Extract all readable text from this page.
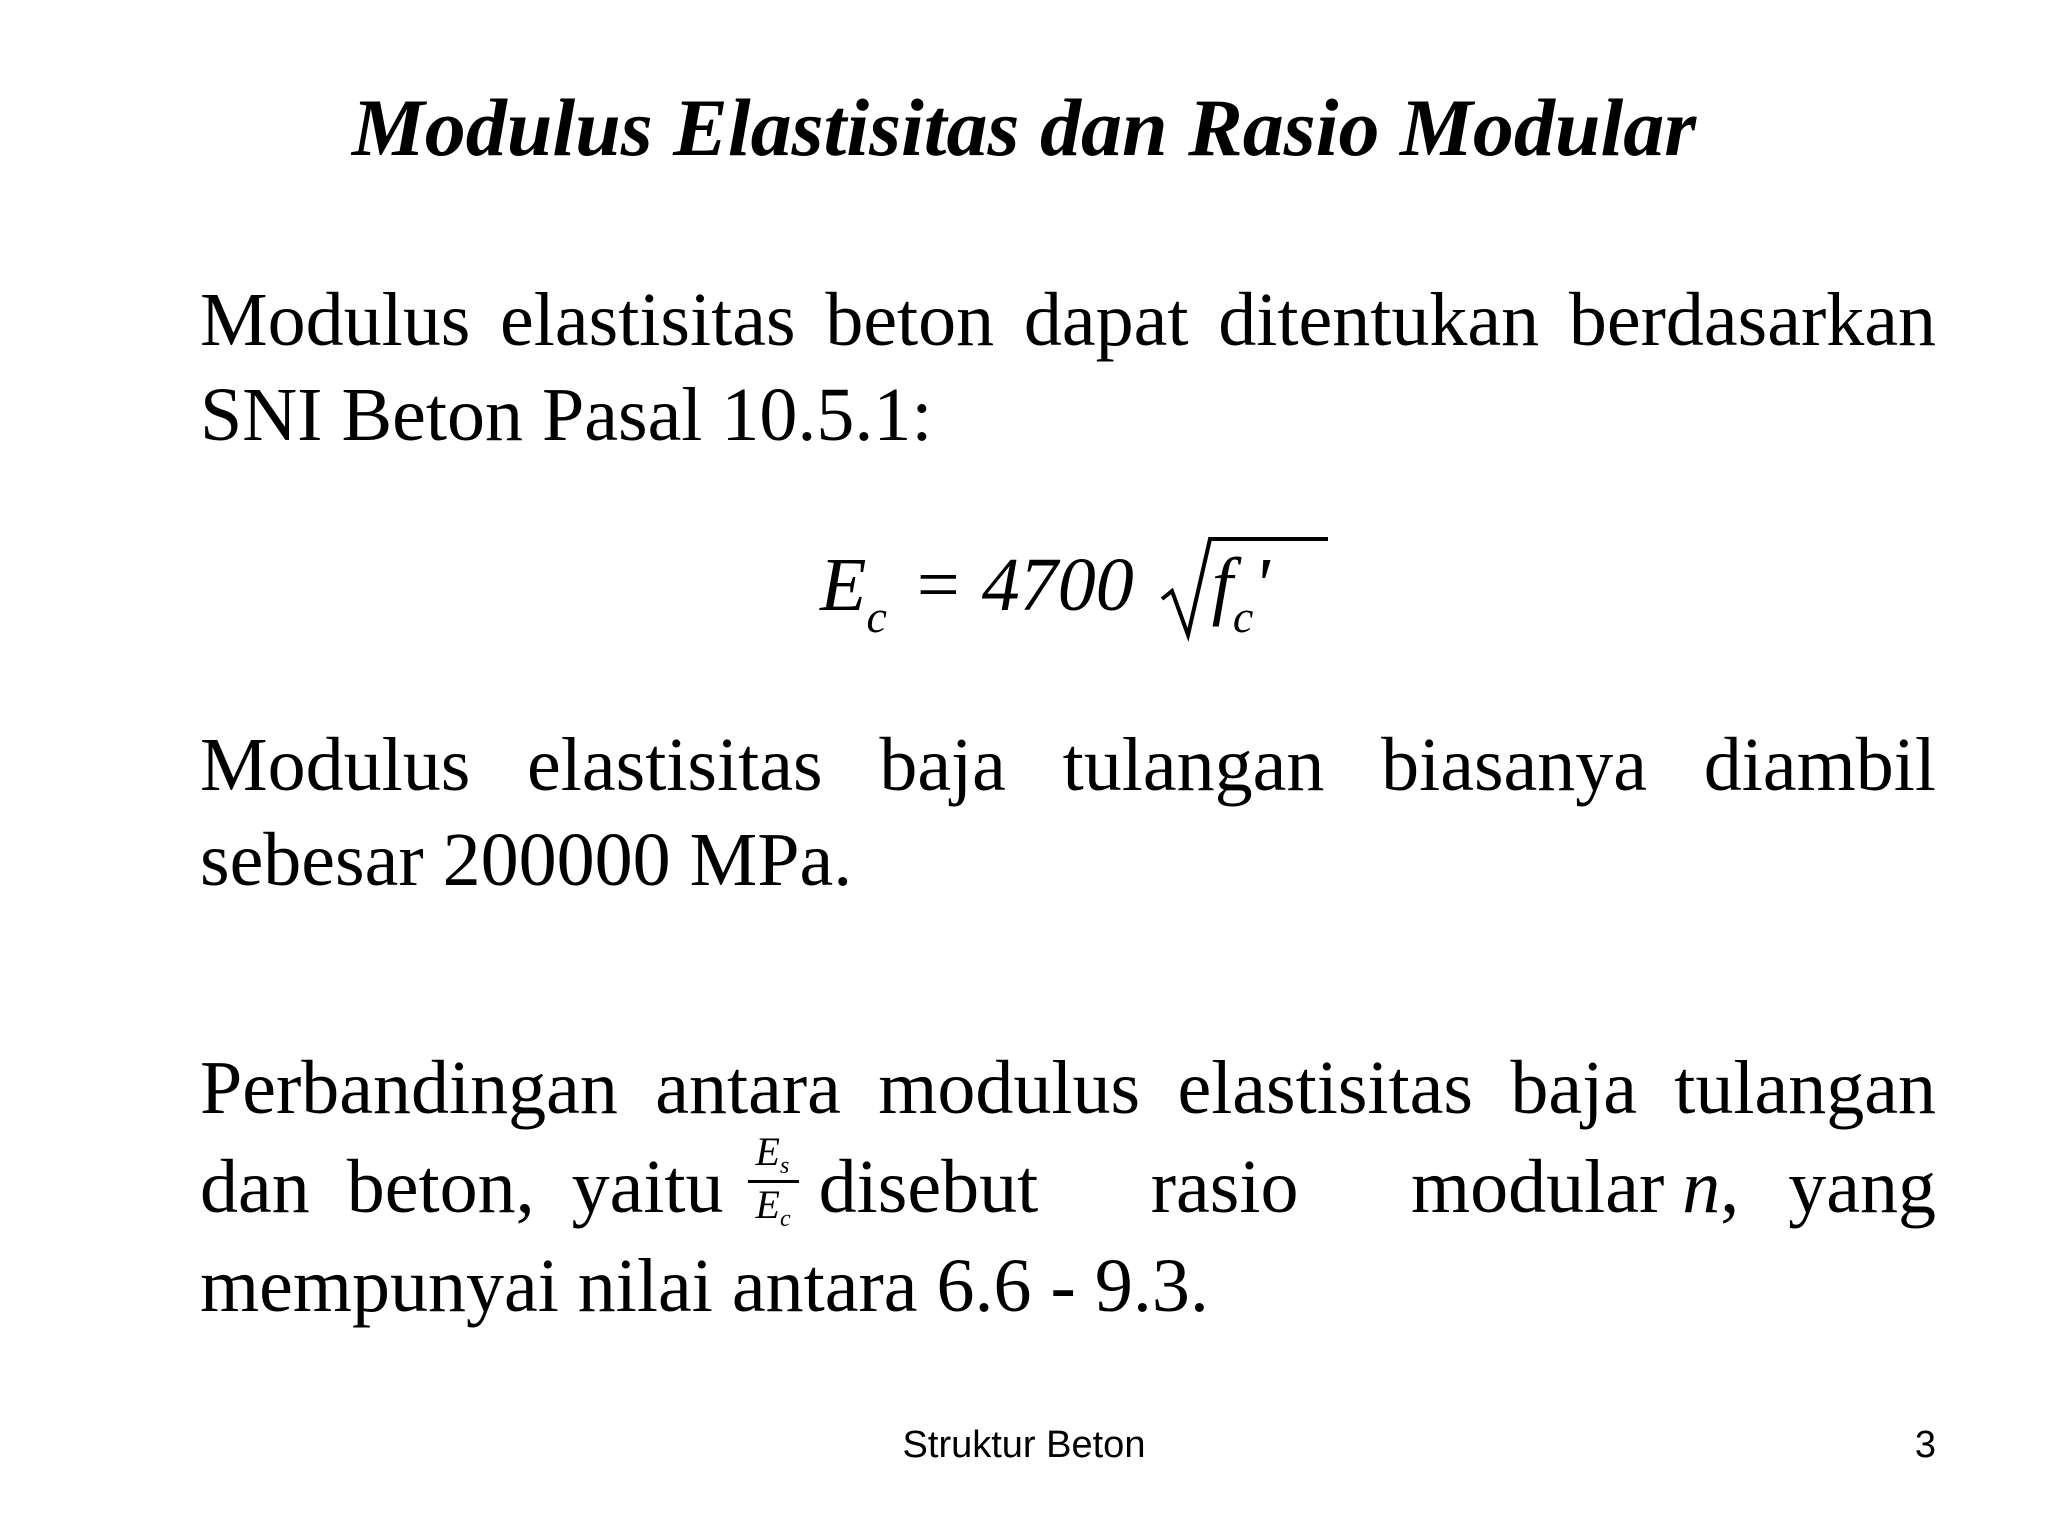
Modulus Elastisitas dan Rasio Modular

Modulus elastisitas beton dapat ditentukan berdasarkan SNI Beton Pasal 10.5.1:

$E_c = 4700$ $f_c'$

Modulus elastisitas baja tulangan biasanya diambil sebesar 200000 MPa.

Perbandingan antara modulus elastisitas baja tulangan
dan beton, yaitu $\frac{E_s}{E_c}$ disebut rasio modular n, yang
mempunyai nilai antara 6.6 - 9.3.
Struktur Beton	3
